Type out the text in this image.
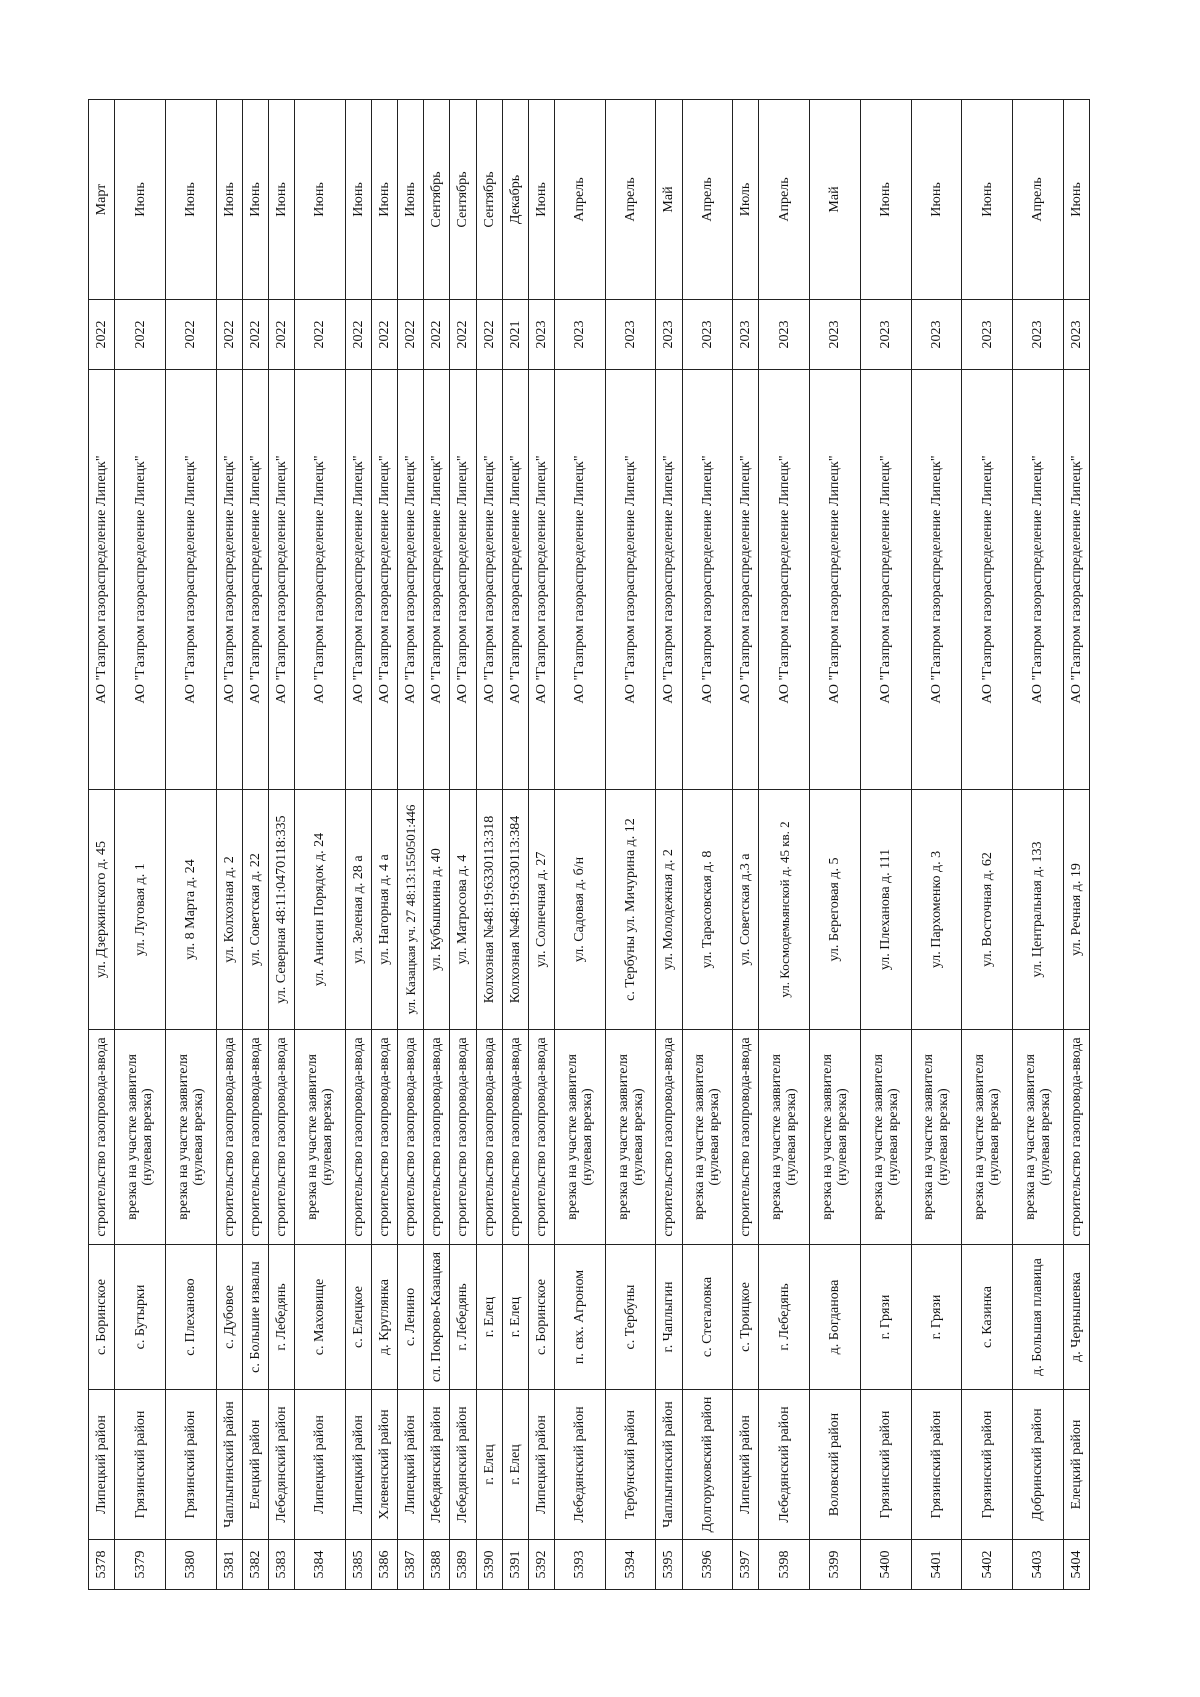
5378	Липецкий район	с. Боринское	строительство газопровода-ввода	ул. Дзержинского д. 45	АО "Газпром газораспределение Липецк"	2022	Март
5379	Грязинский район	с. Бутырки	врезка на участке заявителя (нулевая врезка)	ул. Луговая д. 1	АО "Газпром газораспределение Липецк"	2022	Июнь
5380	Грязинский район	с. Плеханово	врезка на участке заявителя (нулевая врезка)	ул. 8 Марта д. 24	АО "Газпром газораспределение Липецк"	2022	Июнь
5381	Чаплыгинский район	с. Дубовое	строительство газопровода-ввода	ул. Колхозная д. 2	АО "Газпром газораспределение Липецк"	2022	Июнь
5382	Елецкий район	с. Большие извалы	строительство газопровода-ввода	ул. Советская д. 22	АО "Газпром газораспределение Липецк"	2022	Июнь
5383	Лебедянский район	г. Лебедянь	строительство газопровода-ввода	ул. Северная 48:11:0470118:335	АО "Газпром газораспределение Липецк"	2022	Июнь
5384	Липецкий район	с. Маховище	врезка на участке заявителя (нулевая врезка)	ул. Анисин Порядок д. 24	АО "Газпром газораспределение Липецк"	2022	Июнь
5385	Липецкий район	с. Елецкое	строительство газопровода-ввода	ул. Зеленая д. 28 а	АО "Газпром газораспределение Липецк"	2022	Июнь
5386	Хлевенский район	д. Круглянка	строительство газопровода-ввода	ул. Нагорная д. 4 а	АО "Газпром газораспределение Липецк"	2022	Июнь
5387	Липецкий район	с. Ленино	строительство газопровода-ввода	ул. Казацкая уч. 27 48:13:1550501:446	АО "Газпром газораспределение Липецк"	2022	Июнь
5388	Лебедянский район	сл. Покрово-Казацкая	строительство газопровода-ввода	ул. Кубышкина д. 40	АО "Газпром газораспределение Липецк"	2022	Сентябрь
5389	Лебедянский район	г. Лебедянь	строительство газопровода-ввода	ул. Матросова д. 4	АО "Газпром газораспределение Липецк"	2022	Сентябрь
5390	г. Елец	г. Елец	строительство газопровода-ввода	Колхозная №48:19:6330113:318	АО "Газпром газораспределение Липецк"	2022	Сентябрь
5391	г. Елец	г. Елец	строительство газопровода-ввода	Колхозная №48:19:6330113:384	АО "Газпром газораспределение Липецк"	2021	Декабрь
5392	Липецкий район	с. Боринское	строительство газопровода-ввода	ул. Солнечная д. 27	АО "Газпром газораспределение Липецк"	2023	Июнь
5393	Лебедянский район	п. свх. Агроном	врезка на участке заявителя (нулевая врезка)	ул. Садовая д. б/н	АО "Газпром газораспределение Липецк"	2023	Апрель
5394	Тербунский район	с. Тербуны	врезка на участке заявителя (нулевая врезка)	с. Тербуны ул. Мичурина д. 12	АО "Газпром газораспределение Липецк"	2023	Апрель
5395	Чаплыгинский район	г. Чаплыгин	строительство газопровода-ввода	ул. Молодежная д. 2	АО "Газпром газораспределение Липецк"	2023	Май
5396	Долгоруковский район	с. Стегаловка	врезка на участке заявителя (нулевая врезка)	ул. Тарасовская д. 8	АО "Газпром газораспределение Липецк"	2023	Апрель
5397	Липецкий район	с. Троицкое	строительство газопровода-ввода	ул. Советская д.3 а	АО "Газпром газораспределение Липецк"	2023	Июль
5398	Лебедянский район	г. Лебедянь	врезка на участке заявителя (нулевая врезка)	ул. Космодемьянской д. 45 кв. 2	АО "Газпром газораспределение Липецк"	2023	Апрель
5399	Воловский район	д. Богданова	врезка на участке заявителя (нулевая врезка)	ул. Береговая д. 5	АО "Газпром газораспределение Липецк"	2023	Май
5400	Грязинский район	г. Грязи	врезка на участке заявителя (нулевая врезка)	ул. Плеханова д. 111	АО "Газпром газораспределение Липецк"	2023	Июнь
5401	Грязинский район	г. Грязи	врезка на участке заявителя (нулевая врезка)	ул. Пархоменко д. 3	АО "Газпром газораспределение Липецк"	2023	Июнь
5402	Грязинский район	с. Казинка	врезка на участке заявителя (нулевая врезка)	ул. Восточная д. 62	АО "Газпром газораспределение Липецк"	2023	Июнь
5403	Добринский район	д. Большая плавица	врезка на участке заявителя (нулевая врезка)	ул. Центральная д. 133	АО "Газпром газораспределение Липецк"	2023	Апрель
5404	Елецкий район	д. Чернышевка	строительство газопровода-ввода	ул. Речная д. 19	АО "Газпром газораспределение Липецк"	2023	Июнь
